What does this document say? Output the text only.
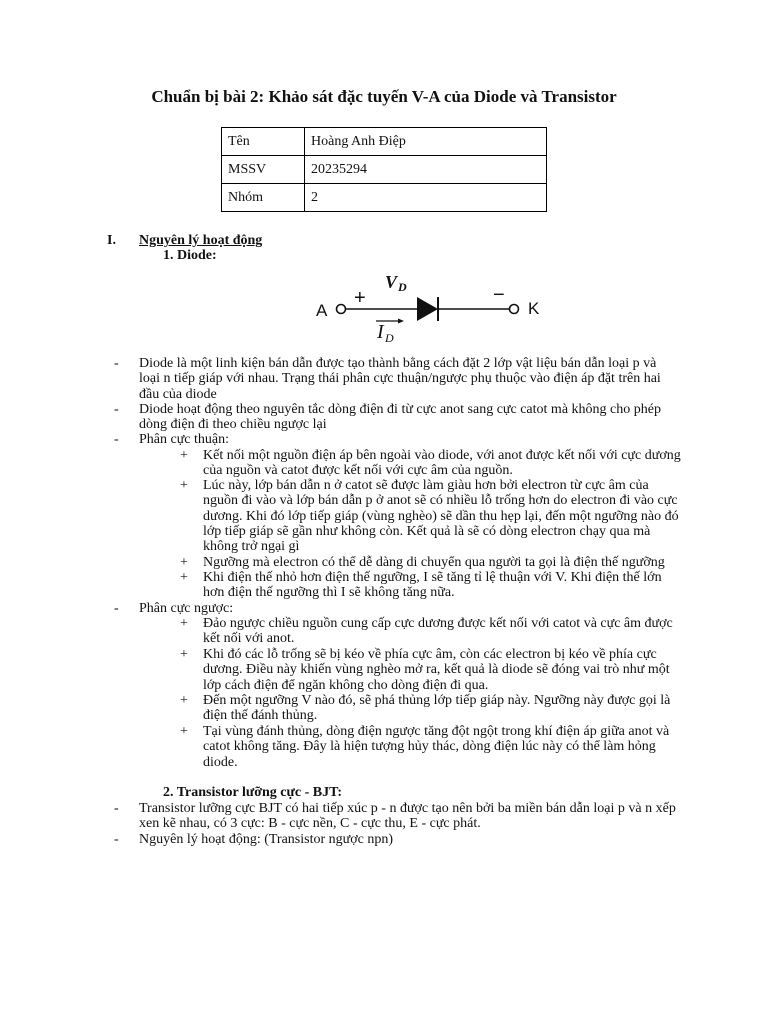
Chuẩn bị bài 2: Khảo sát đặc tuyến V-A của Diode và Transistor
Tên	Hoàng Anh Điệp
MSSV	20235294
Nhóm	2
I. Nguyên lý hoạt động
1. Diode:
A	K
+	−
V D
I D
- Diode là một linh kiện bán dẫn được tạo thành bằng cách đặt 2 lớp vật liệu bán dẫn loại p và loại n tiếp giáp với nhau. Trạng thái phân cực thuận/ngược phụ thuộc vào điện áp đặt trên hai đầu của diode
- Diode hoạt động theo nguyên tắc dòng điện đi từ cực anot sang cực catot mà không cho phép dòng điện đi theo chiều ngược lại
- Phân cực thuận:
+ Kết nối một nguồn điện áp bên ngoài vào diode, với anot được kết nối với cực dương của nguồn và catot được kết nối với cực âm của nguồn.
+ Lúc này, lớp bán dẫn n ở catot sẽ được làm giàu hơn bởi electron từ cực âm của nguồn đi vào và lớp bán dẫn p ở anot sẽ có nhiều lỗ trống hơn do electron đi vào cực dương. Khi đó lớp tiếp giáp (vùng nghèo) sẽ dần thu hẹp lại, đến một ngưỡng nào đó lớp tiếp giáp sẽ gần như không còn. Kết quả là sẽ có dòng electron chạy qua mà không trở ngại gì
+ Ngưỡng mà electron có thể dễ dàng di chuyển qua người ta gọi là điện thế ngưỡng
+ Khi điện thế nhỏ hơn điện thế ngưỡng, I sẽ tăng tỉ lệ thuận với V. Khi điện thế lớn hơn điện thế ngưỡng thì I sẽ không tăng nữa.
- Phân cực ngược:
+ Đảo ngược chiều nguồn cung cấp cực dương được kết nối với catot và cực âm được kết nối với anot.
+ Khi đó các lỗ trống sẽ bị kéo về phía cực âm, còn các electron bị kéo về phía cực dương. Điều này khiến vùng nghèo mở ra, kết quả là diode sẽ đóng vai trò như một lớp cách điện để ngăn không cho dòng điện đi qua.
+ Đến một ngưỡng V nào đó, sẽ phá thủng lớp tiếp giáp này. Ngưỡng này được gọi là điện thế đánh thủng.
+ Tại vùng đánh thủng, dòng điện ngược tăng đột ngột trong khí điện áp giữa anot và catot không tăng. Đây là hiện tượng hủy thác, dòng điện lúc này có thể làm hỏng diode.
2. Transistor lưỡng cực - BJT:
- Transistor lưỡng cực BJT có hai tiếp xúc p - n được tạo nên bởi ba miền bán dẫn loại p và n xếp xen kẽ nhau, có 3 cực: B - cực nền, C - cực thu, E - cực phát.
- Nguyên lý hoạt động: (Transistor ngược npn)
